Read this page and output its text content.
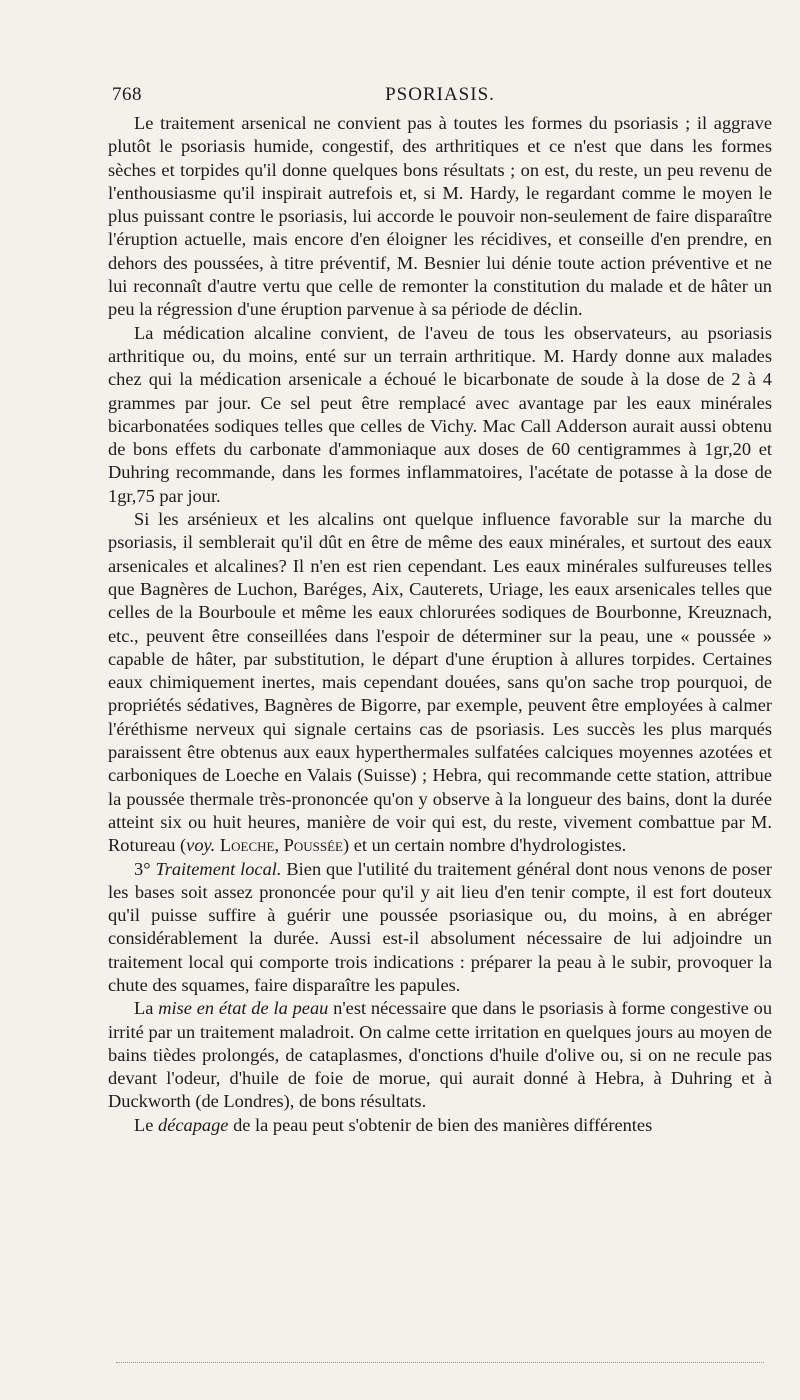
768	PSORIASIS.

Le traitement arsenical ne convient pas à toutes les formes du psoriasis ; il aggrave plutôt le psoriasis humide, congestif, des arthritiques et ce n'est que dans les formes sèches et torpides qu'il donne quelques bons résultats ; on est, du reste, un peu revenu de l'enthousiasme qu'il inspirait autrefois et, si M. Hardy, le regardant comme le moyen le plus puissant contre le psoriasis, lui accorde le pouvoir non-seulement de faire disparaître l'éruption actuelle, mais encore d'en éloigner les récidives, et conseille d'en prendre, en dehors des poussées, à titre préventif, M. Besnier lui dénie toute action préventive et ne lui reconnaît d'autre vertu que celle de remonter la constitution du malade et de hâter un peu la régression d'une éruption parvenue à sa période de déclin.

La médication alcaline convient, de l'aveu de tous les observateurs, au psoriasis arthritique ou, du moins, enté sur un terrain arthritique. M. Hardy donne aux malades chez qui la médication arsenicale a échoué le bicarbonate de soude à la dose de 2 à 4 grammes par jour. Ce sel peut être remplacé avec avantage par les eaux minérales bicarbonatées sodiques telles que celles de Vichy. Mac Call Adderson aurait aussi obtenu de bons effets du carbonate d'ammoniaque aux doses de 60 centigrammes à 1gr,20 et Duhring recommande, dans les formes inflammatoires, l'acétate de potasse à la dose de 1gr,75 par jour.

Si les arsénieux et les alcalins ont quelque influence favorable sur la marche du psoriasis, il semblerait qu'il dût en être de même des eaux minérales, et surtout des eaux arsenicales et alcalines? Il n'en est rien cependant. Les eaux minérales sulfureuses telles que Bagnères de Luchon, Baréges, Aix, Cauterets, Uriage, les eaux arsenicales telles que celles de la Bourboule et même les eaux chlorurées sodiques de Bourbonne, Kreuznach, etc., peuvent être conseillées dans l'espoir de déterminer sur la peau, une « poussée » capable de hâter, par substitution, le départ d'une éruption à allures torpides. Certaines eaux chimiquement inertes, mais cependant douées, sans qu'on sache trop pourquoi, de propriétés sédatives, Bagnères de Bigorre, par exemple, peuvent être employées à calmer l'éréthisme nerveux qui signale certains cas de psoriasis. Les succès les plus marqués paraissent être obtenus aux eaux hyperthermales sulfatées calciques moyennes azotées et carboniques de Loeche en Valais (Suisse) ; Hebra, qui recommande cette station, attribue la poussée thermale très-prononcée qu'on y observe à la longueur des bains, dont la durée atteint six ou huit heures, manière de voir qui est, du reste, vivement combattue par M. Rotureau (voy. Loeche, Poussée) et un certain nombre d'hydrologistes.

3° Traitement local. Bien que l'utilité du traitement général dont nous venons de poser les bases soit assez prononcée pour qu'il y ait lieu d'en tenir compte, il est fort douteux qu'il puisse suffire à guérir une poussée psoriasique ou, du moins, à en abréger considérablement la durée. Aussi est-il absolument nécessaire de lui adjoindre un traitement local qui comporte trois indications : préparer la peau à le subir, provoquer la chute des squames, faire disparaître les papules.

La mise en état de la peau n'est nécessaire que dans le psoriasis à forme congestive ou irrité par un traitement maladroit. On calme cette irritation en quelques jours au moyen de bains tièdes prolongés, de cataplasmes, d'onctions d'huile d'olive ou, si on ne recule pas devant l'odeur, d'huile de foie de morue, qui aurait donné à Hebra, à Duhring et à Duckworth (de Londres), de bons résultats.

Le décapage de la peau peut s'obtenir de bien des manières différentes
